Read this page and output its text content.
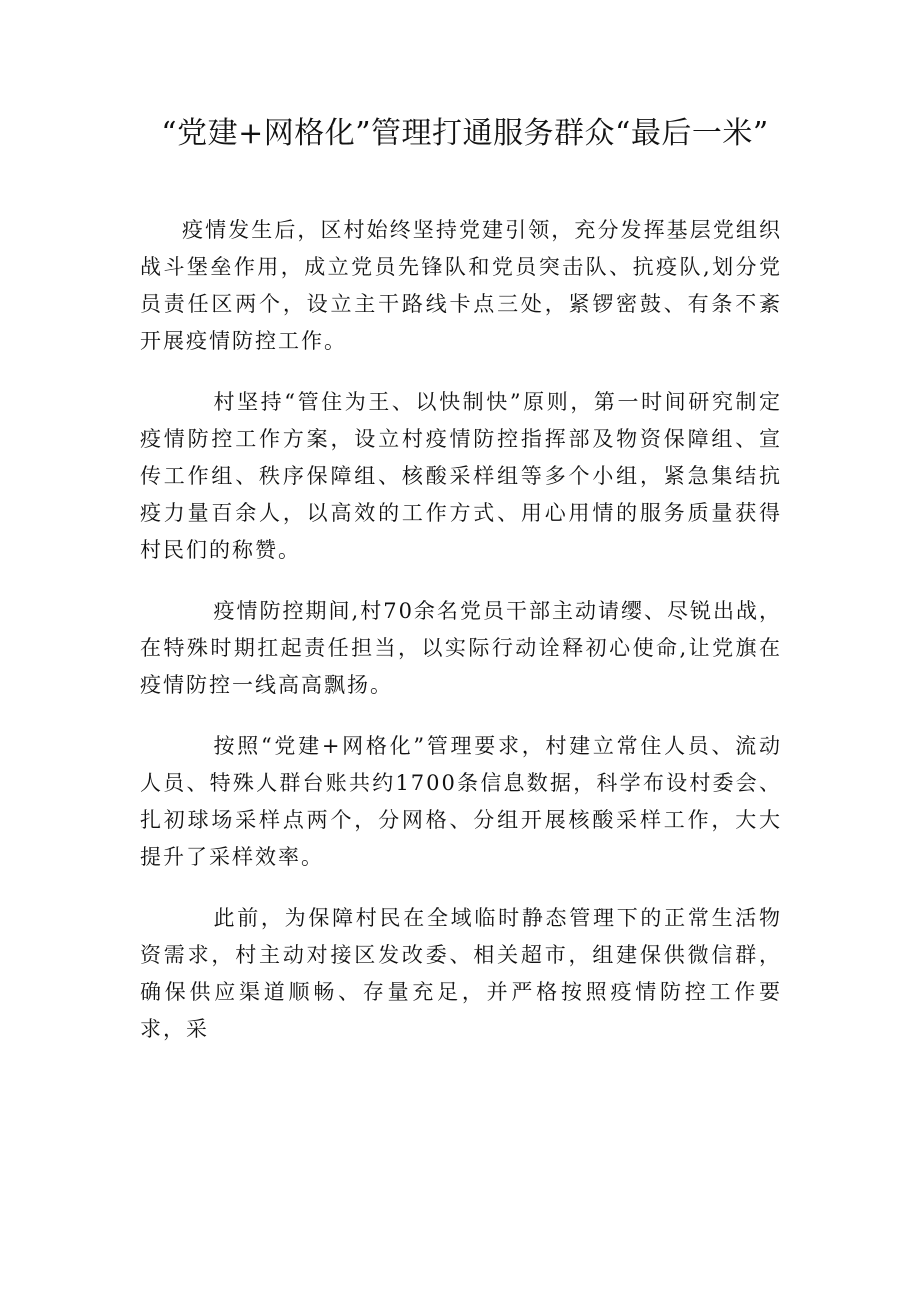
“党建+网格化”管理打通服务群众“最后一米”

疫情发生后，区村始终坚持党建引领，充分发挥基层党组织战斗堡垒作用，成立党员先锋队和党员突击队、抗疫队,划分党员责任区两个，设立主干路线卡点三处，紧锣密鼓、有条不紊开展疫情防控工作。

村坚持“管住为王、以快制快”原则，第一时间研究制定疫情防控工作方案，设立村疫情防控指挥部及物资保障组、宣传工作组、秩序保障组、核酸采样组等多个小组，紧急集结抗疫力量百余人，以高效的工作方式、用心用情的服务质量获得村民们的称赞。

疫情防控期间,村70余名党员干部主动请缨、尽锐出战，在特殊时期扛起责任担当，以实际行动诠释初心使命,让党旗在疫情防控一线高高飘扬。

按照“党建+网格化”管理要求，村建立常住人员、流动人员、特殊人群台账共约1700条信息数据，科学布设村委会、扎初球场采样点两个，分网格、分组开展核酸采样工作，大大提升了采样效率。

此前，为保障村民在全域临时静态管理下的正常生活物资需求，村主动对接区发改委、相关超市，组建保供微信群，确保供应渠道顺畅、存量充足，并严格按照疫情防控工作要求，采
